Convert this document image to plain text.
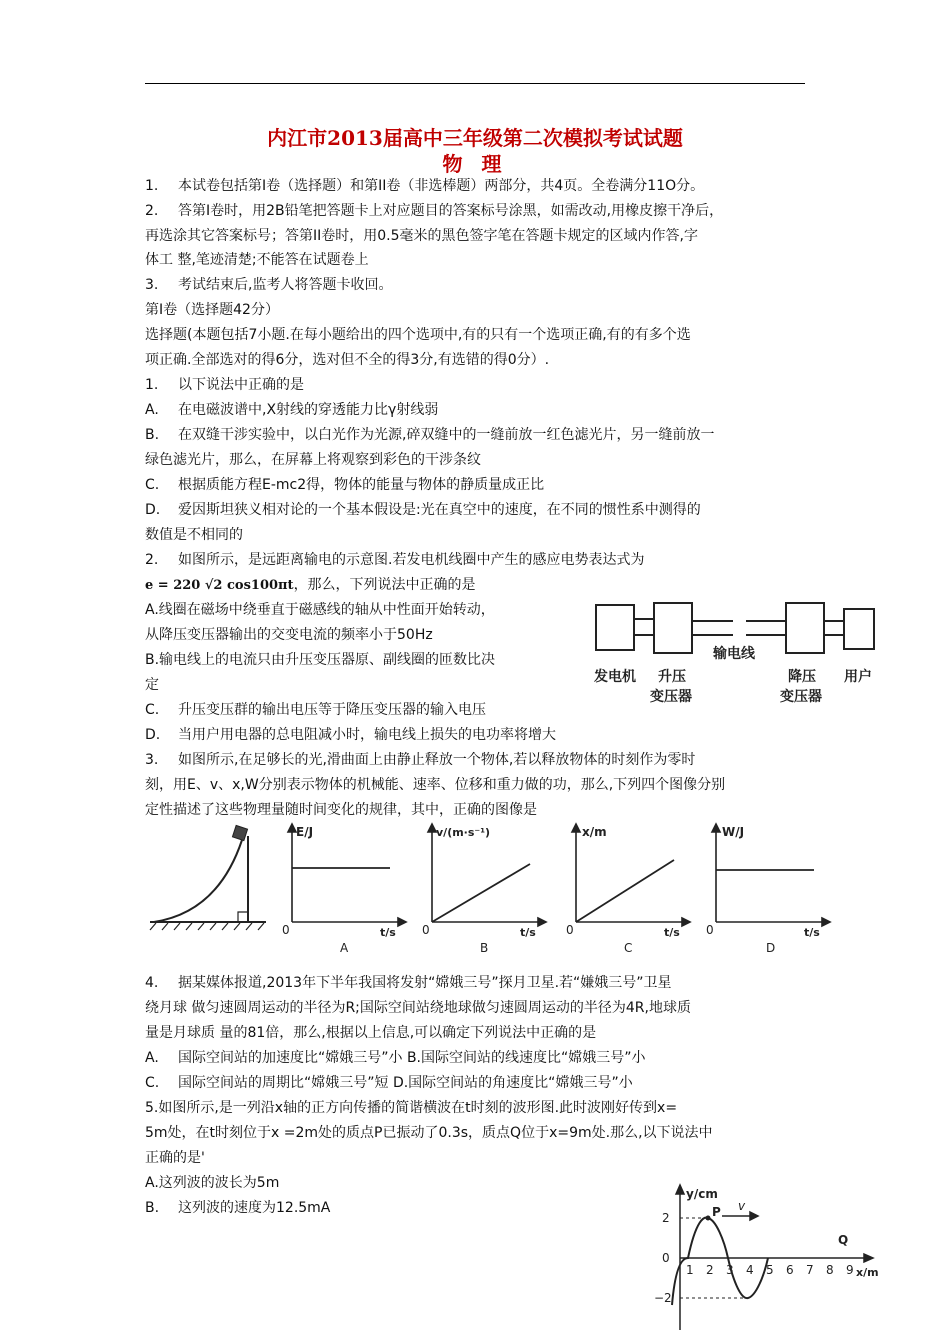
内江市2013届高中三年级第二次模拟考试试题
物 理
1. 本试卷包括第I卷（选择题）和第II卷（非选棒题）两部分，共4页。全卷满分11O分。
2. 答第I卷时，用2B铅笔把答题卡上对应题目的答案标号涂黑，如需改动,用橡皮擦干净后，
再选涂其它答案标号；答第II卷时，用0.5毫米的黑色签字笔在答题卡规定的区域内作答,字
体工 整,笔迹清楚;不能答在试题卷上
3. 考试结束后,监考人将答题卡收回。
第I卷（选择题42分）
选择题(本题包括7小题.在每小题给出的四个选项中,有的只有一个选项正确,有的有多个选
项正确.全部选对的得6分，选对但不全的得3分,有选错的得0分）.
1. 以下说法中正确的是
A. 在电磁波谱中,X射线的穿透能力比γ射线弱
B. 在双缝干涉实验中，以白光作为光源,碎双缝中的一缝前放一红色滤光片，另一缝前放一
绿色滤光片，那么，在屏幕上将观察到彩色的干涉条纹
C. 根据质能方程E-mc2得，物体的能量与物体的静质量成正比
D. 爱因斯坦狭义相对论的一个基本假设是:光在真空中的速度，在不同的惯性系中测得的
数值是不相同的
2. 如图所示，是远距离输电的示意图.若发电机线圈中产生的感应电势表达式为
e = 220 √2 cos100πt，那么，下列说法中正确的是
A.线圈在磁场中绕垂直于磁感线的轴从中性面开始转动，
从降压变压器输出的交变电流的频率小于50Hz
B.输电线上的电流只由升压变压器原、副线圈的匝数比决
定
C. 升压变压群的输出电压等于降压变压器的输入电压
D. 当用户用电器的总电阻减小时，输电线上损失的电功率将增大
发电机 升压
变压器
输电线
降压
变压器
用户
3. 如图所示,在足够长的光,滑曲面上由静止释放一个物体,若以释放物体的时刻作为零时
刻，用E、v、x,W分别表示物体的机械能、速率、位移和重力做的功，那么,下列四个图像分别
定性描述了这些物理量随时间变化的规律，其中，正确的图像是
E/J
0	t/s
A
v/(m·s⁻¹)
0	t/s
B
x/m
0	t/s
C
W/J
0	t/s
D
4. 据某媒体报道,2013年下半年我国将发射“嫦娥三号”探月卫星.若“嫌娥三号”卫星
绕月球 做匀速圆周运动的半径为R;国际空间站绕地球做匀速圆周运动的半径为4R,地球质
量是月球质 量的81倍，那么,根据以上信息,可以确定下列说法中正确的是
A. 国际空间站的加速度比“嫦娥三号”小 B.国际空间站的线速度比“嫦娥三号”小
C. 国际空间站的周期比“嫦娥三号”短 D.国际空间站的角速度比“嫦娥三号”小
5.如图所示,是一列沿x轴的正方向传播的简谐横波在t时刻的波形图.此时波刚好传到x=
5m处，在t时刻位于x =2m处的质点P已振动了0.3s，质点Q位于x=9m处.那么,以下说法中
正确的是'
A.这列波的波长为5m
B. 这列波的速度为12.5mA
y/cm
2
0
−2
P v
Q
1 2 3 4 5 6 7 8 9 x/m
